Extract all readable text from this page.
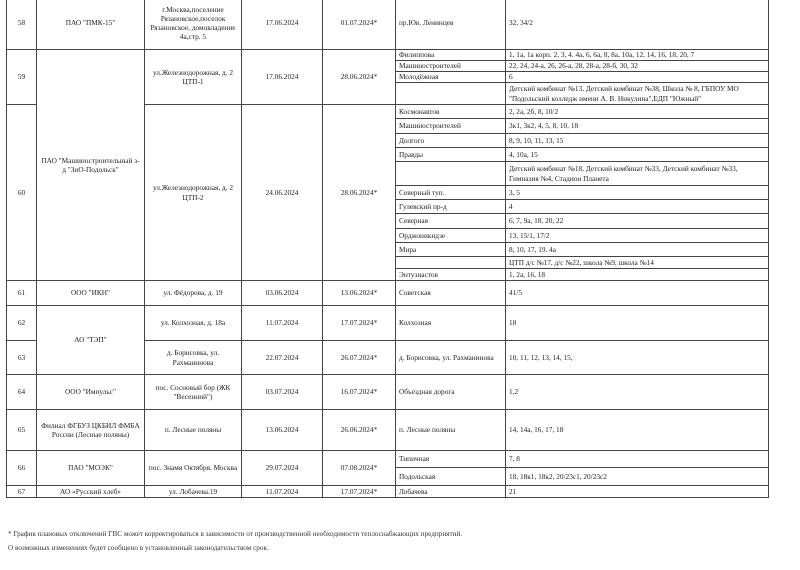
58	ПАО "ПМК-15"	г.Москва,поселение Рязановское,поселок Рязановское, домовладение 4а,стр. 5	17.06.2024	01.07.2024*	пр.Юв. Ленинцев	32, 34/2
59	ПАО "Машиностроительный з-д "ЗиО-Подольск"	ул.Железнодорожная, д. 2 ЦТП-1	17.06.2024	28.06.2024*	Филиппова	1, 1а, 1а корп. 2, 3, 4. 4а, 6, 6а, 8, 8а, 10а, 12, 14, 16, 18, 20, 7
					Машиностроителей	22, 24, 24-а, 26, 26-а, 28, 28-а, 28-б, 30, 32
					Молодёжная	6
						Детский комбинат №13, Детский комбинат №38, Школа № 8, ГБПОУ МО "Подольский колледж имени А. В. Никулина",ЕДП "Южный"
60		ул.Железнодорожная, д. 2 ЦТП-2	24.06.2024	28.06.2024*	Космонавтов	2, 2а, 2б, 8, 10/2
					Машиностроителей	3к1, 3к2, 4, 5, 8, 10, 18
					Долгого	8, 9, 10, 11, 13, 15
					Правды	4, 10а, 15
						Детский комбинат №18, Детский комбинат №33, Детский комбинат №33, Гимназия №4, Стадион Планета
					Северный туп.	3, 5
					Гулевский пр-д	4
					Северная	6, 7, 9а, 18, 20, 22
					Орджоникидзе	13, 15/1, 17/2
					Мира	8, 10, 17, 19. 4а
						ЦТП д/с №17, д/с №22, школа №9, школа №14
					Энтузиастов	1, 2а, 16, 18
61	ООО "ИКН"	ул. Фёдорова, д. 19	03.06.2024	13.06.2024*	Советская	41/5
62	АО "ТЭП"	ул. Колхозная, д. 18а	11.07.2024	17.07.2024*	Колхозная	18
63		д. Борисовка, ул. Рахманинова	22.07.2024	26.07.2024*	д. Борисовка, ул. Рахманинова	10, 11, 12, 13, 14, 15,
64	ООО "Импульс"	пос. Сосновый бор (ЖК "Весенний")	03.07.2024	16.07.2024*	Объездная дорога	1,2
65	Филиал ФГБУЗ ЦКБИЛ ФМБА России (Лесные поляны)	п. Лесные поляны	13.06.2024	26.06.2024*	п. Лесные поляны	14, 14а, 16, 17, 18
66	ПАО "МОЭК"	пос. Знамя Октября, Москва	29.07.2024	07.08.2024*	Типичная	7, 8
					Подольская	18, 18к1, 18к2, 20/23с1, 20/23с2
67	АО «Русский хлеб»	ул. Лобачева.19	11.07.2024	17.07.2024*	Лобачева	21
* График плановых отключений ГВС может корректироваться в зависимости от производственной необходимости теплоснабжающих предприятий.
О возможных изменениях будет сообщено в установленный законодательством срок.
